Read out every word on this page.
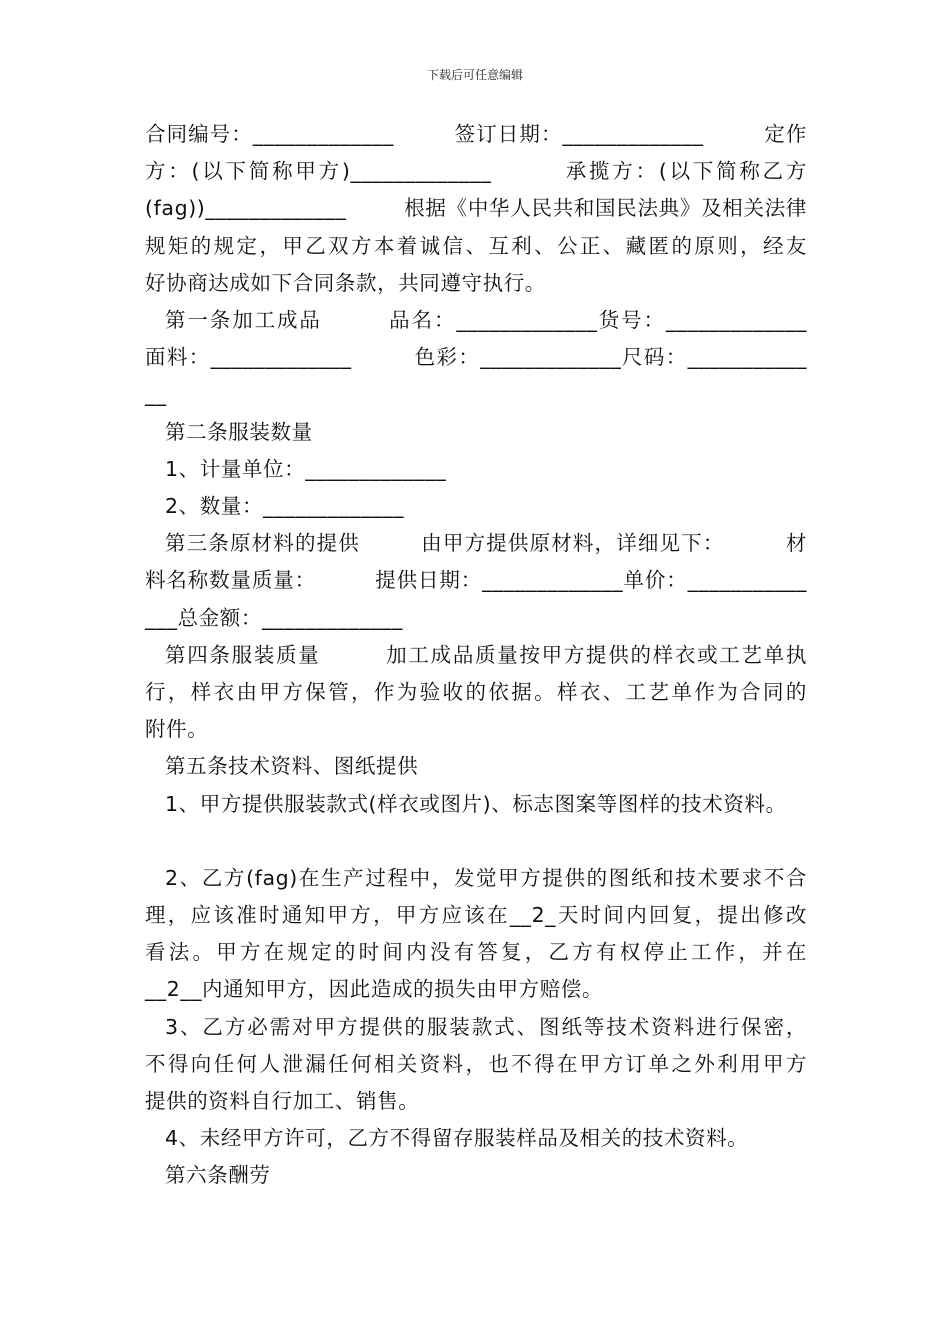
下载后可任意编辑

合同编号：_____________        签订日期：_____________        定作

方：(以下简称甲方)_____________        承揽方：(以下简称乙方

(fag))_____________        根据《中华人民共和国民法典》及相关法律

规矩的规定，甲乙双方本着诚信、互利、公正、藏匿的原则，经友

好协商达成如下合同条款，共同遵守执行。

第一条加工成品        品名：_____________货号：_____________

面料：_____________        色彩：_____________尺码：___________

__

第二条服装数量

1、计量单位：_____________

2、数量：_____________

第三条原材料的提供        由甲方提供原材料，详细见下：        材

料名称数量质量：        提供日期：_____________单价：___________

___总金额：_____________

第四条服装质量        加工成品质量按甲方提供的样衣或工艺单执

行，样衣由甲方保管，作为验收的依据。样衣、工艺单作为合同的

附件。

第五条技术资料、图纸提供

1、甲方提供服装款式(样衣或图片)、标志图案等图样的技术资料。

2、乙方(fag)在生产过程中，发觉甲方提供的图纸和技术要求不合

理，应该准时通知甲方，甲方应该在__2_天时间内回复，提出修改

看法。甲方在规定的时间内没有答复，乙方有权停止工作，并在

__2__内通知甲方，因此造成的损失由甲方赔偿。

3、乙方必需对甲方提供的服装款式、图纸等技术资料进行保密，

不得向任何人泄漏任何相关资料，也不得在甲方订单之外利用甲方

提供的资料自行加工、销售。

4、未经甲方许可，乙方不得留存服装样品及相关的技术资料。

第六条酬劳
